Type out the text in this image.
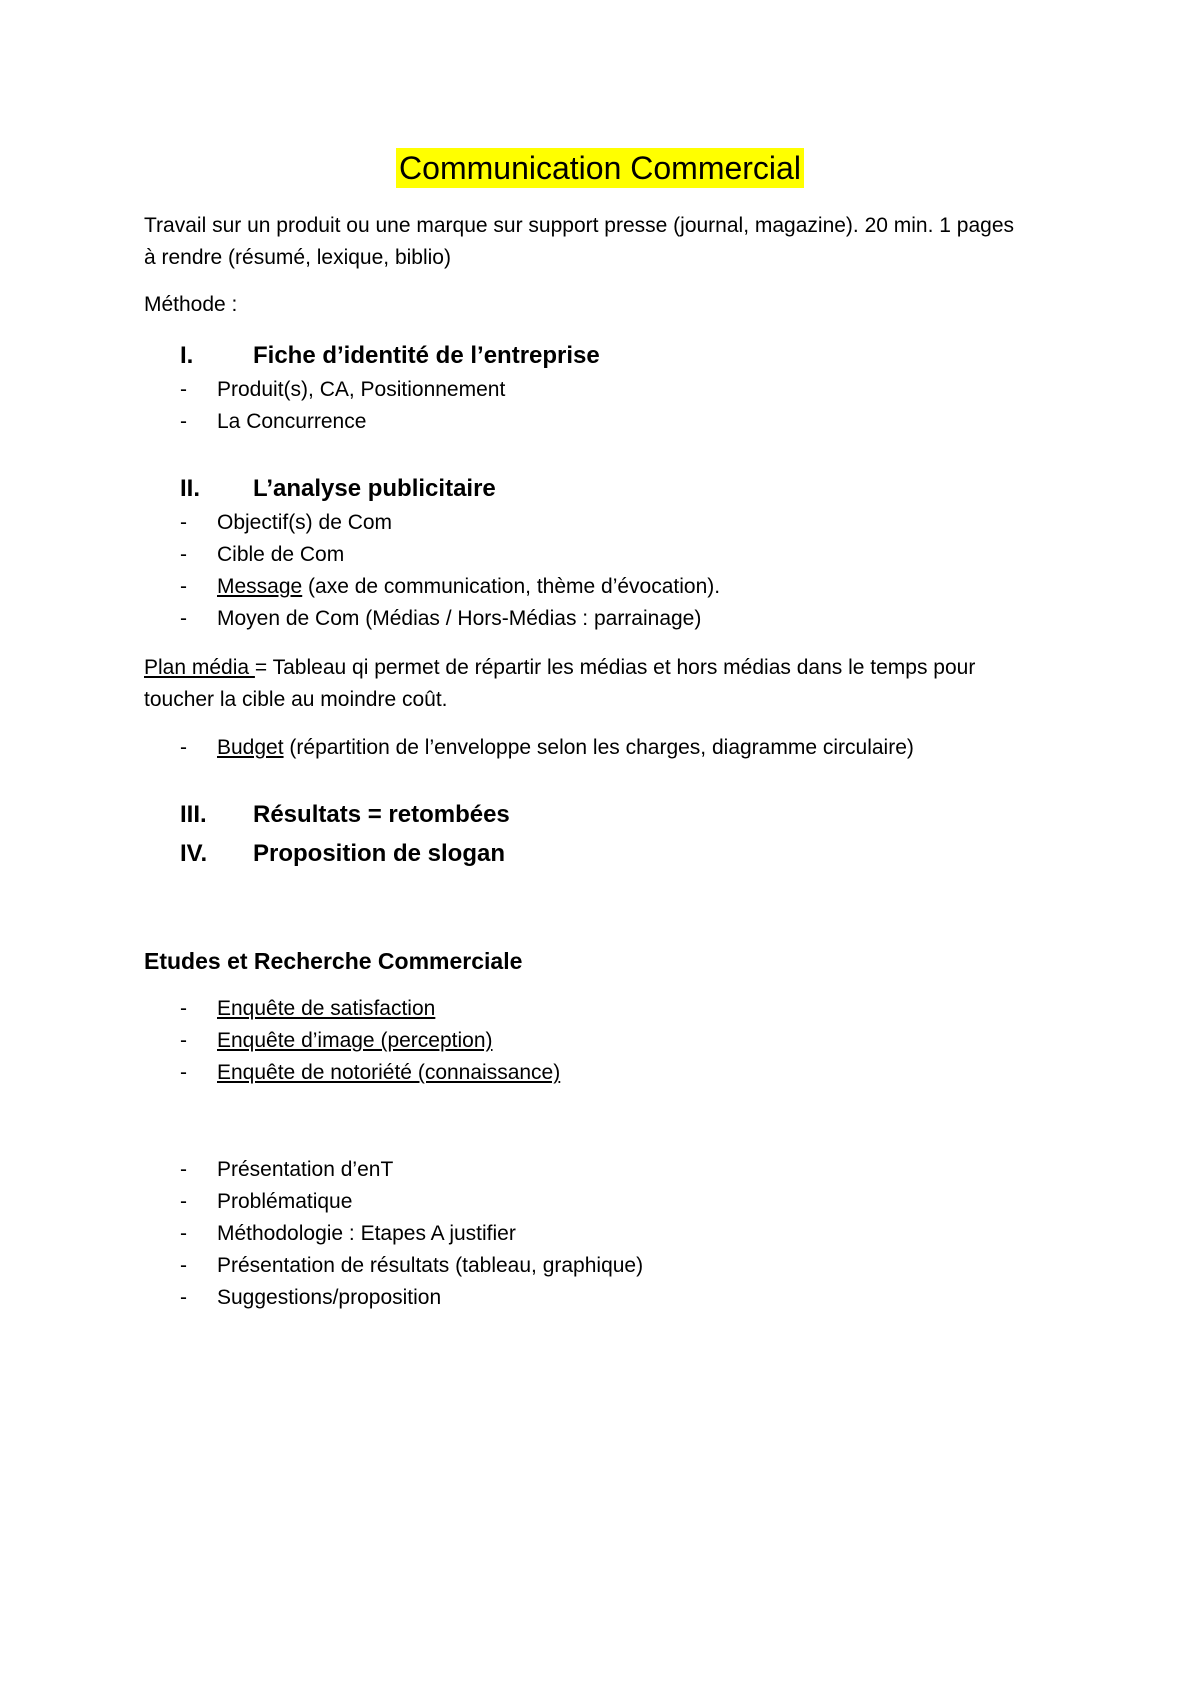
Communication Commercial
Travail sur un produit ou une marque sur support presse (journal, magazine). 20 min. 1 pages
à rendre (résumé, lexique, biblio)
Méthode :
I. Fiche d’identité de l’entreprise
- Produit(s), CA, Positionnement
- La Concurrence
II. L’analyse publicitaire
- Objectif(s) de Com
- Cible de Com
- Message (axe de communication, thème d’évocation).
- Moyen de Com (Médias / Hors-Médias : parrainage)
Plan média = Tableau qi permet de répartir les médias et hors médias dans le temps pour
toucher la cible au moindre coût.
- Budget (répartition de l’enveloppe selon les charges, diagramme circulaire)
III. Résultats = retombées
IV. Proposition de slogan
Etudes et Recherche Commerciale
- Enquête de satisfaction
- Enquête d’image (perception)
- Enquête de notoriété (connaissance)
- Présentation d’enT
- Problématique
- Méthodologie : Etapes A justifier
- Présentation de résultats (tableau, graphique)
- Suggestions/proposition
